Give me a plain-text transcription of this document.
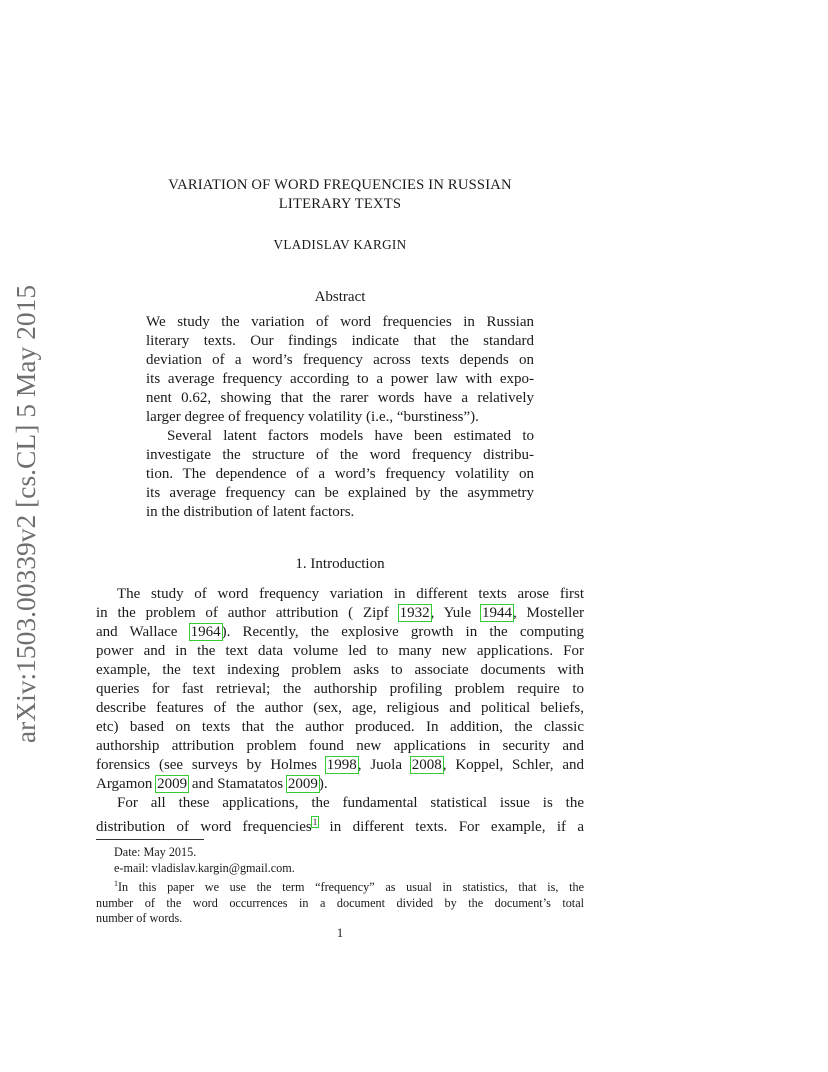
arXiv:1503.00339v2 [cs.CL] 5 May 2015
VARIATION OF WORD FREQUENCIES IN RUSSIAN
LITERARY TEXTS
VLADISLAV KARGIN
Abstract
We study the variation of word frequencies in Russian
literary texts. Our findings indicate that the standard
deviation of a word’s frequency across texts depends on
its average frequency according to a power law with expo-
nent 0.62, showing that the rarer words have a relatively
larger degree of frequency volatility (i.e., “burstiness”).
Several latent factors models have been estimated to
investigate the structure of the word frequency distribu-
tion. The dependence of a word’s frequency volatility on
its average frequency can be explained by the asymmetry
in the distribution of latent factors.
1. Introduction
The study of word frequency variation in different texts arose first
in the problem of author attribution ( Zipf 1932, Yule 1944, Mosteller
and Wallace 1964). Recently, the explosive growth in the computing
power and in the text data volume led to many new applications. For
example, the text indexing problem asks to associate documents with
queries for fast retrieval; the authorship profiling problem require to
describe features of the author (sex, age, religious and political beliefs,
etc) based on texts that the author produced. In addition, the classic
authorship attribution problem found new applications in security and
forensics (see surveys by Holmes 1998, Juola 2008, Koppel, Schler, and
Argamon 2009 and Stamatatos 2009).
For all these applications, the fundamental statistical issue is the
distribution of word frequencies$^1$ in different texts. For example, if a
Date: May 2015.
e-mail: vladislav.kargin@gmail.com.
$^1$In this paper we use the term “frequency” as usual in statistics, that is, the
number of the word occurrences in a document divided by the document’s total
number of words.
1
